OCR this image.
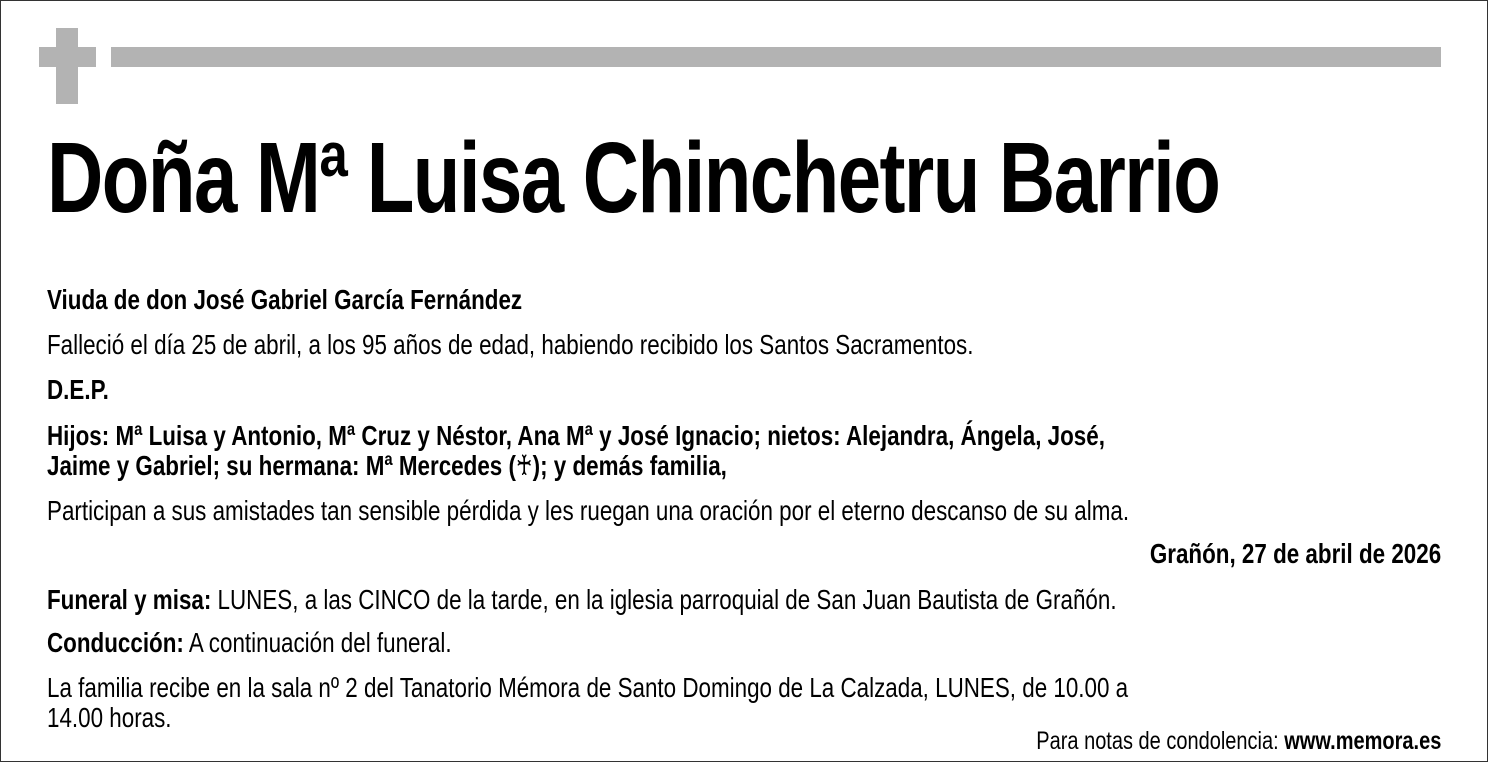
Doña Mª Luisa Chinchetru Barrio
Viuda de don José Gabriel García Fernández
Falleció el día 25 de abril, a los 95 años de edad, habiendo recibido los Santos Sacramentos.
D.E.P.
Hijos: Mª Luisa y Antonio, Mª Cruz y Néstor, Ana Mª y José Ignacio; nietos: Alejandra, Ángela, José,
Jaime y Gabriel; su hermana: Mª Mercedes (♰); y demás familia,
Participan a sus amistades tan sensible pérdida y les ruegan una oración por el eterno descanso de su alma.
Grañón, 27 de abril de 2026
Funeral y misa: LUNES, a las CINCO de la tarde, en la iglesia parroquial de San Juan Bautista de Grañón.
Conducción: A continuación del funeral.
La familia recibe en la sala nº 2 del Tanatorio Mémora de Santo Domingo de La Calzada, LUNES, de 10.00 a
14.00 horas.
Para notas de condolencia: www.memora.es
